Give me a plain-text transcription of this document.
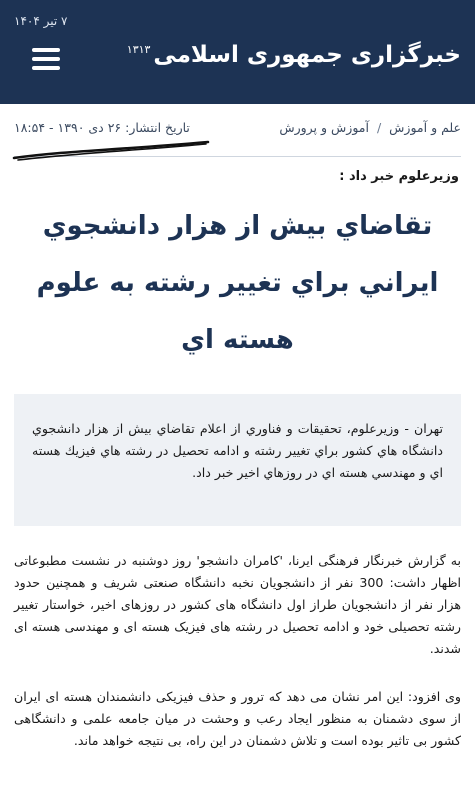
۷ تیر ۱۴۰۴
خبرگزاری جمهوری اسلامی$^{۱۳۱۳}$
علم و آموزش
/
آموزش و پرورش
تاريخ انتشار: ۲۶ دی ۱۳۹۰ - ۱۸:۵۴
وزيرعلوم خبر داد :
تقاضاي بيش از هزار دانشجوي
ايراني براي تغيير رشته به علوم
هسته اي
تهران - وزيرعلوم، تحقيقات و فناوري از اعلام تقاضاي بيش از هزار دانشجوي دانشگاه هاي كشور براي تغيير رشته و ادامه تحصيل در رشته هاي فيزيك هسته اي و مهندسي هسته اي در روزهاي اخير خبر داد.

به گزارش خبرنگار فرهنگی ایرنا، 'کامران دانشجو' روز دوشنبه در نشست مطبوعاتی اظهار داشت: 300 نفر از دانشجویان نخبه دانشگاه صنعتی شریف و همچنین حدود هزار نفر از دانشجویان طراز اول دانشگاه های کشور در روزهای اخیر، خواستار تغییر رشته تحصیلی خود و ادامه تحصیل در رشته های فیزیک هسته ای و مهندسی هسته ای شدند.

وی افزود: این امر نشان می دهد که ترور و حذف فیزیکی دانشمندان هسته ای ایران از سوی دشمنان به منظور ایجاد رعب و وحشت در میان جامعه علمی و دانشگاهی کشور بی تاثیر بوده است و تلاش دشمنان در این راه، بی نتیجه خواهد ماند.
